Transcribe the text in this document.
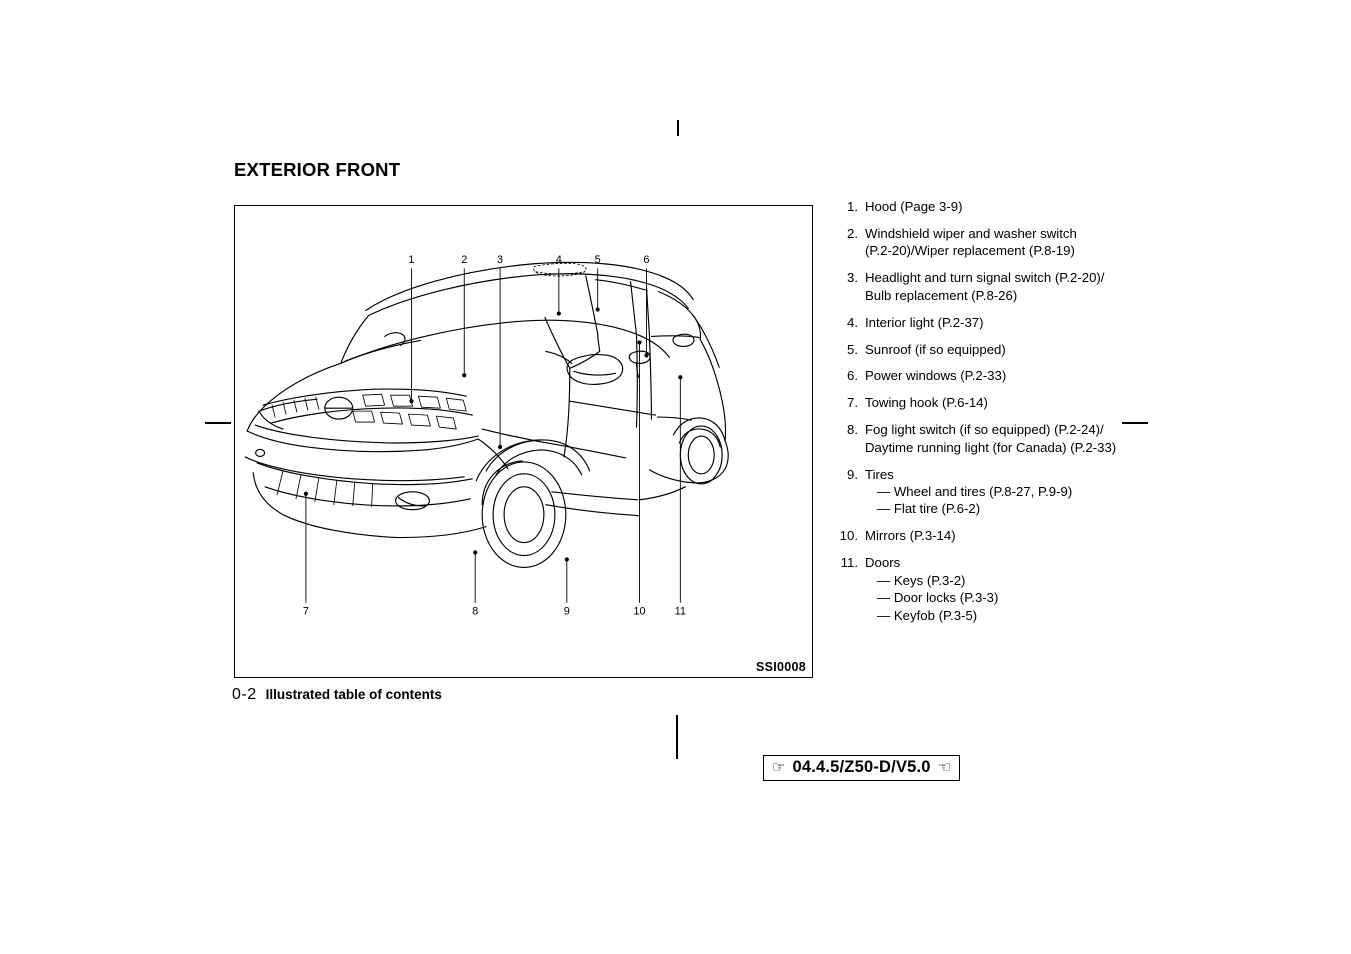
EXTERIOR FRONT
1	2	3	4	5	6
7	8	9	10	11
SSI0008
0-2 Illustrated table of contents
☞ 04.4.5/Z50-D/V5.0 ☜
1. Hood (Page 3-9)
2. Windshield wiper and washer switch
(P.2-20)/Wiper replacement (P.8-19)
3. Headlight and turn signal switch (P.2-20)/
Bulb replacement (P.8-26)
4. Interior light (P.2-37)
5. Sunroof (if so equipped)
6. Power windows (P.2-33)
7. Towing hook (P.6-14)
8. Fog light switch (if so equipped) (P.2-24)/
Daytime running light (for Canada) (P.2-33)
9. Tires
— Wheel and tires (P.8-27, P.9-9)
— Flat tire (P.6-2)
10. Mirrors (P.3-14)
11. Doors
— Keys (P.3-2)
— Door locks (P.3-3)
— Keyfob (P.3-5)
